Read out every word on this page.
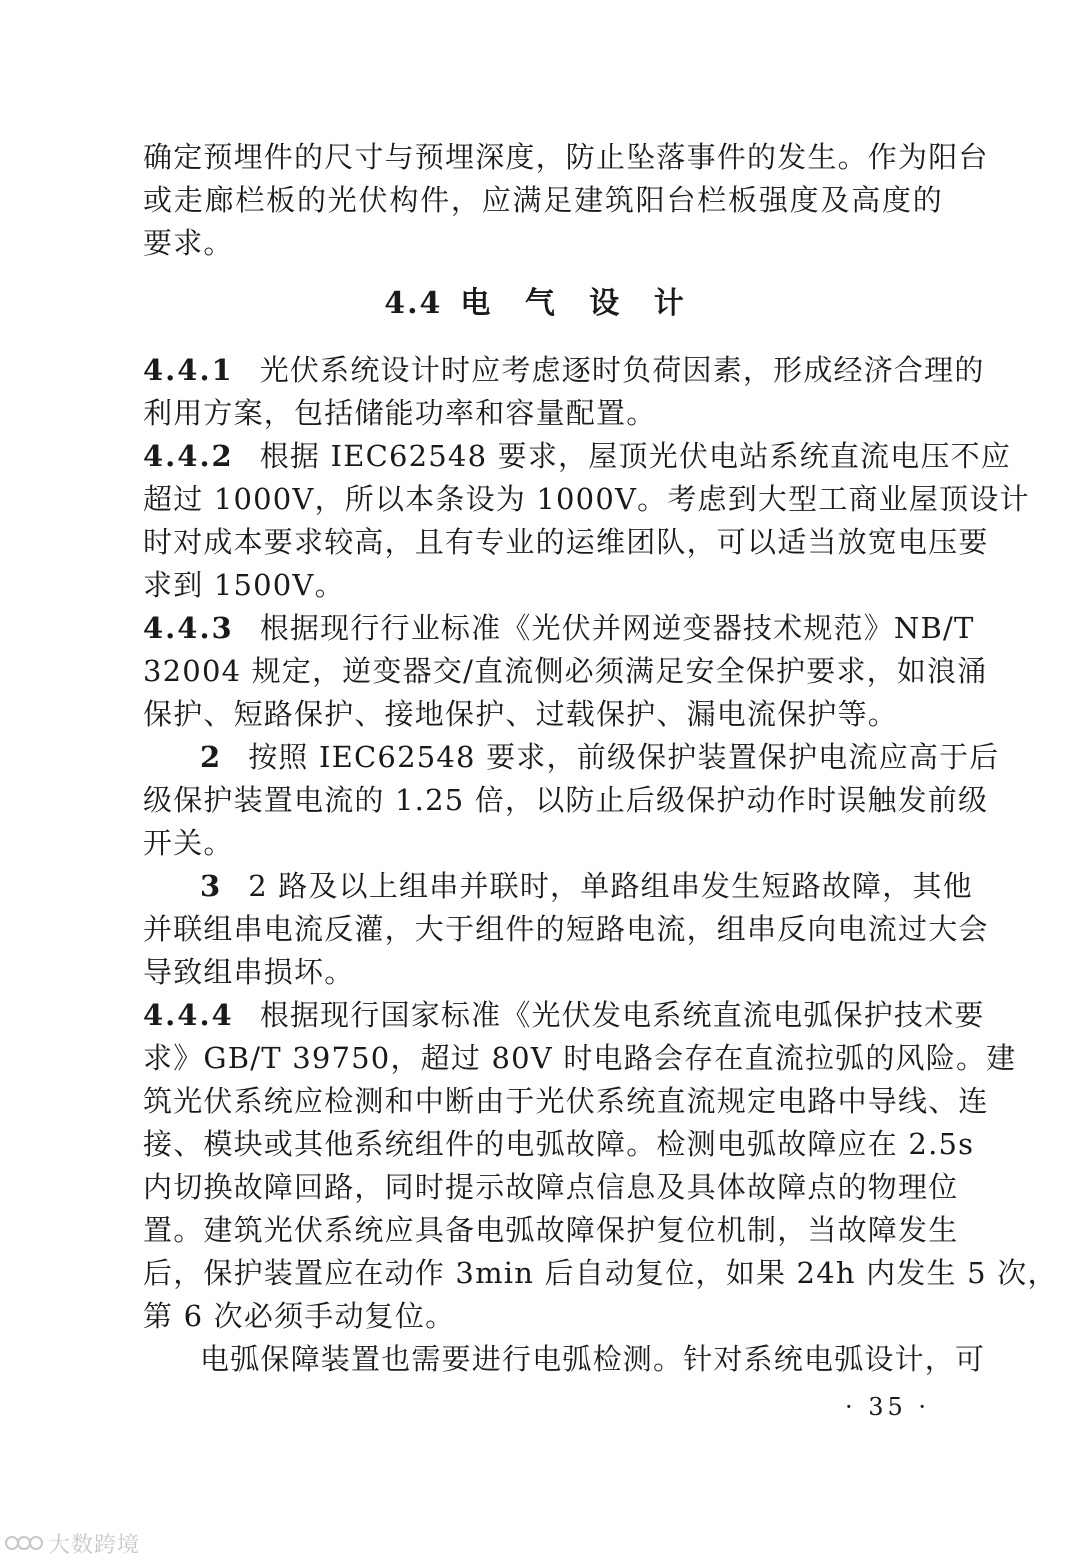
确定预埋件的尺寸与预埋深度，防止坠落事件的发生。作为阳台
或走廊栏板的光伏构件，应满足建筑阳台栏板强度及高度的
要求。
4.4 电 气 设 计
4.4.1 光伏系统设计时应考虑逐时负荷因素，形成经济合理的
利用方案，包括储能功率和容量配置。
4.4.2 根据 IEC62548 要求，屋顶光伏电站系统直流电压不应
超过 1000V，所以本条设为 1000V。考虑到大型工商业屋顶设计
时对成本要求较高，且有专业的运维团队，可以适当放宽电压要
求到 1500V。
4.4.3 根据现行行业标准《光伏并网逆变器技术规范》NB/T
32004 规定，逆变器交/直流侧必须满足安全保护要求，如浪涌
保护、短路保护、接地保护、过载保护、漏电流保护等。
2 按照 IEC62548 要求，前级保护装置保护电流应高于后
级保护装置电流的 1.25 倍，以防止后级保护动作时误触发前级
开关。
3 2 路及以上组串并联时，单路组串发生短路故障，其他
并联组串电流反灌，大于组件的短路电流，组串反向电流过大会
导致组串损坏。
4.4.4 根据现行国家标准《光伏发电系统直流电弧保护技术要
求》GB/T 39750，超过 80V 时电路会存在直流拉弧的风险。建
筑光伏系统应检测和中断由于光伏系统直流规定电路中导线、连
接、模块或其他系统组件的电弧故障。检测电弧故障应在 2.5s
内切换故障回路，同时提示故障点信息及具体故障点的物理位
置。建筑光伏系统应具备电弧故障保护复位机制，当故障发生
后，保护装置应在动作 3min 后自动复位，如果 24h 内发生 5 次，
第 6 次必须手动复位。
电弧保障装置也需要进行电弧检测。针对系统电弧设计，可
· 35 ·
大数跨境
